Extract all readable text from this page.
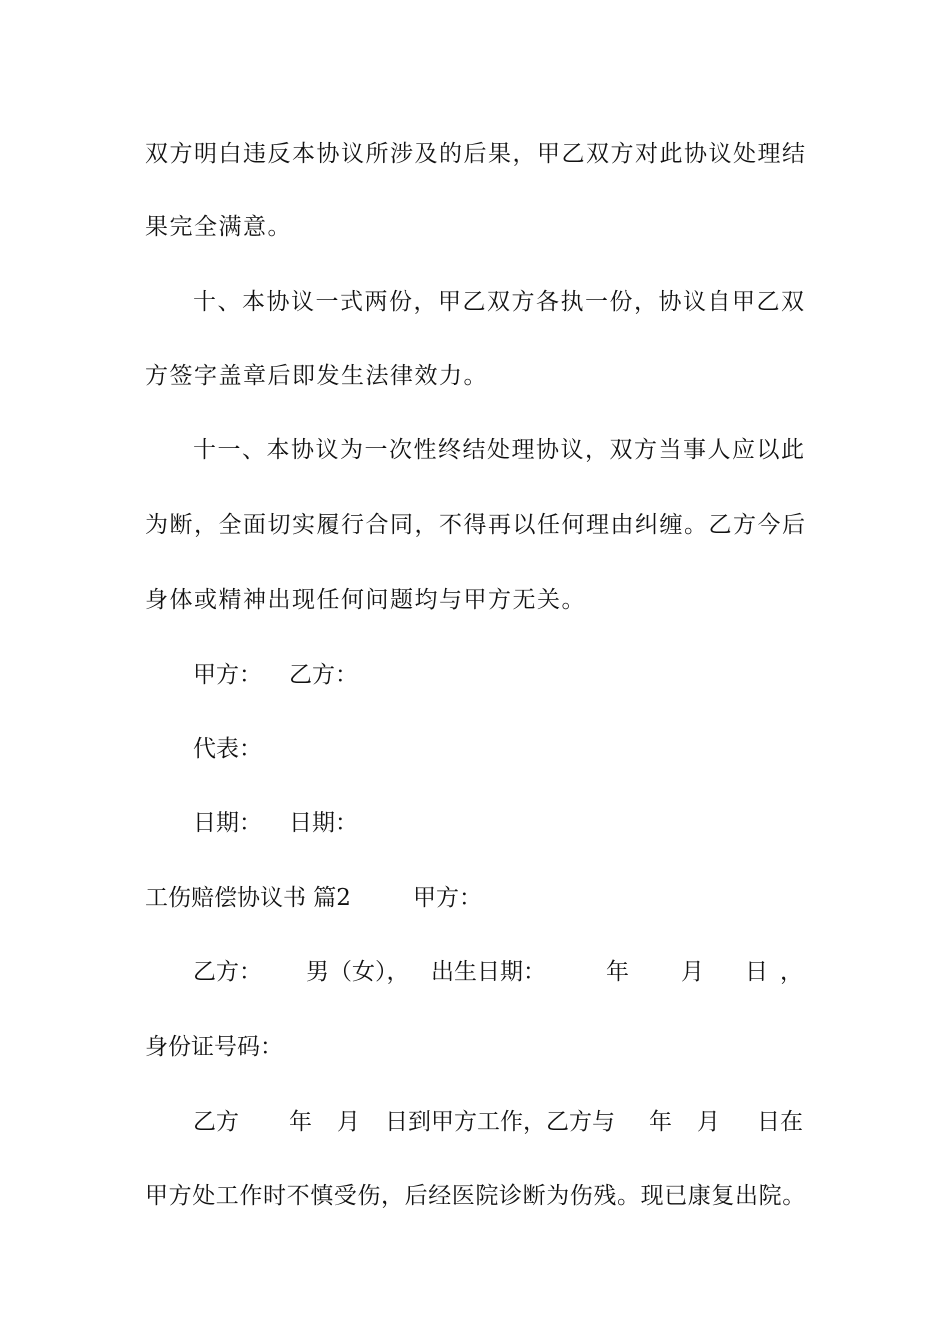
双方明白违反本协议所涉及的后果，甲乙双方对此协议处理结
果完全满意。
十、本协议一式两份，甲乙双方各执一份，协议自甲乙双
方签字盖章后即发生法律效力。
十一、本协议为一次性终结处理协议，双方当事人应以此
为断，全面切实履行合同，不得再以任何理由纠缠。乙方今后
身体或精神出现任何问题均与甲方无关。
甲方： 乙方：
代表：
日期： 日期：
工伤赔偿协议书 篇2	甲方：
乙方： 男（女）， 出生日期：	年 月 日 ，
身份证号码：
乙方 年 月 日到甲方工作，乙方与 年 月 日在
甲方处工作时不慎受伤，后经医院诊断为伤残。现已康复出院。
